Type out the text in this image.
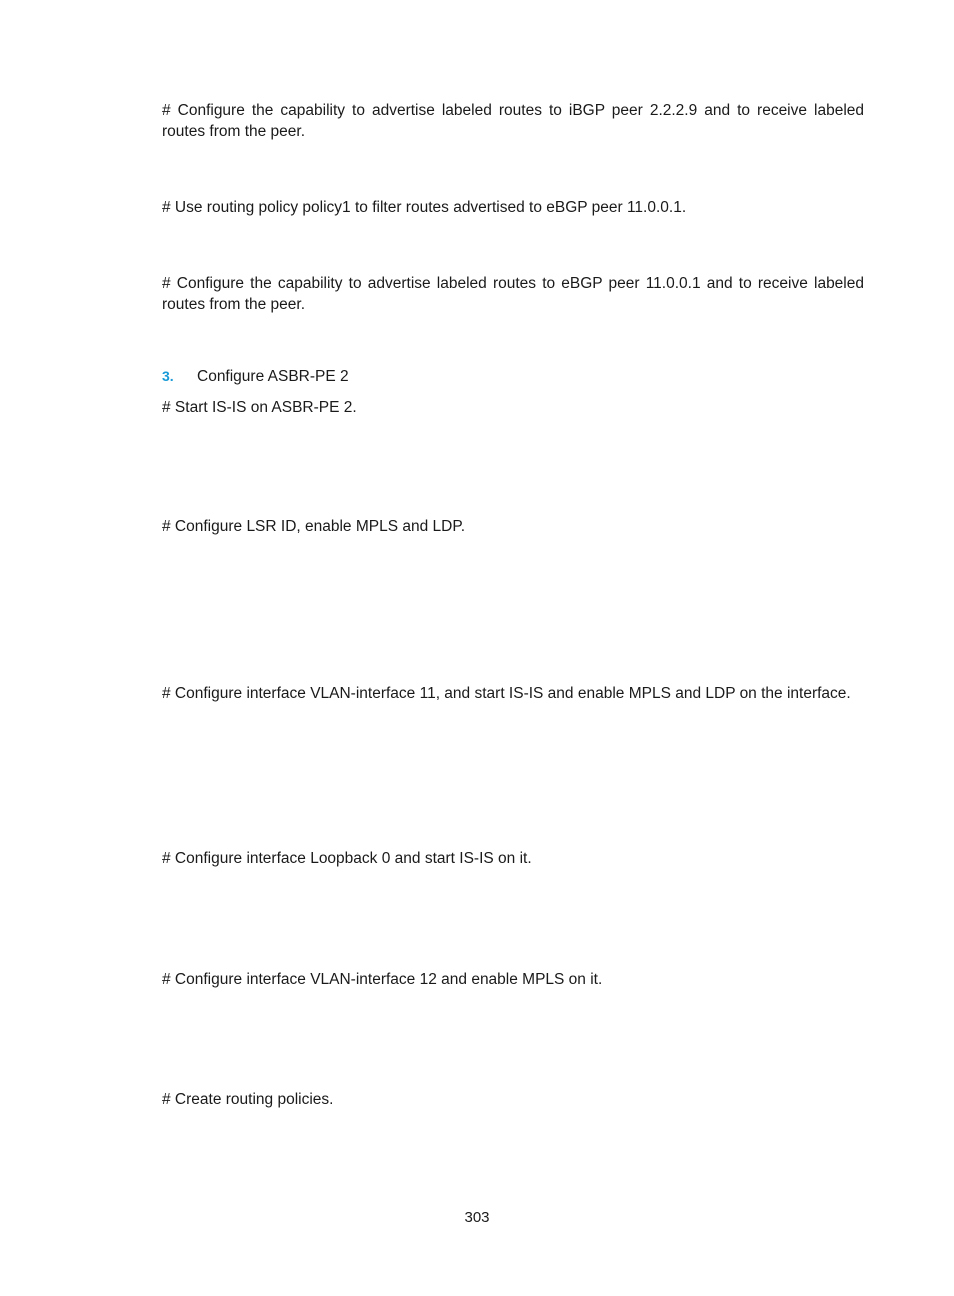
# Configure the capability to advertise labeled routes to iBGP peer 2.2.2.9 and to receive labeled routes from the peer.

# Use routing policy policy1 to filter routes advertised to eBGP peer 11.0.0.1.

# Configure the capability to advertise labeled routes to eBGP peer 11.0.0.1 and to receive labeled routes from the peer.

3.	Configure ASBR-PE 2

# Start IS-IS on ASBR-PE 2.

# Configure LSR ID, enable MPLS and LDP.

# Configure interface VLAN-interface 11, and start IS-IS and enable MPLS and LDP on the interface.

# Configure interface Loopback 0 and start IS-IS on it.

# Configure interface VLAN-interface 12 and enable MPLS on it.

# Create routing policies.

303
